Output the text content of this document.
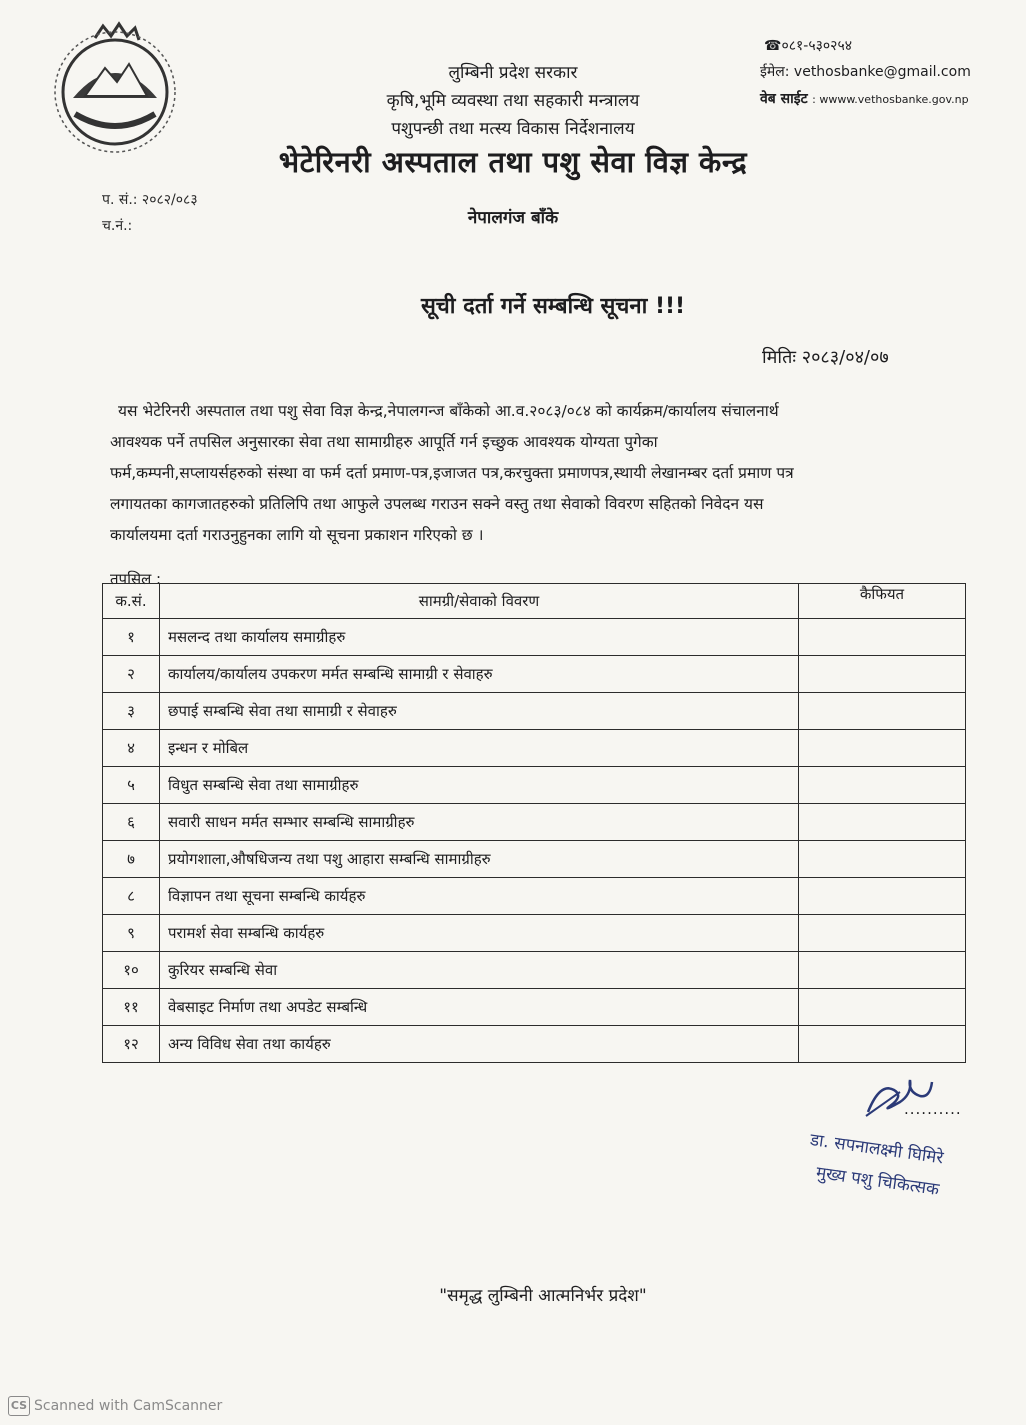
लुम्बिनी प्रदेश सरकार
कृषि,भूमि व्यवस्था तथा सहकारी मन्त्रालय
पशुपन्छी तथा मत्स्य विकास निर्देशनालय
भेटेरिनरी अस्पताल तथा पशु सेवा विज्ञ केन्द्र
नेपालगंज बाँके
☎०८१-५३०२५४
ईमेल: vethosbanke@gmail.com
वेब साईट : wwww.vethosbanke.gov.np
प. सं.: २०८२/०८३
च.नं.:
सूची दर्ता गर्ने सम्बन्धि सूचना !!!
मितिः २०८३/०४/०७
यस भेटेरिनरी अस्पताल तथा पशु सेवा विज्ञ केन्द्र,नेपालगन्ज बाँकेको आ.व.२०८३/०८४ को कार्यक्रम/कार्यालय संचालनार्थ
आवश्यक पर्ने तपसिल अनुसारका सेवा तथा सामाग्रीहरु आपूर्ति गर्न इच्छुक आवश्यक योग्यता पुगेका
फर्म,कम्पनी,सप्लायर्सहरुको संस्था वा फर्म दर्ता प्रमाण-पत्र,इजाजत पत्र,करचुक्ता प्रमाणपत्र,स्थायी लेखानम्बर दर्ता प्रमाण पत्र
लगायतका कागजातहरुको प्रतिलिपि तथा आफुले उपलब्ध गराउन सक्ने वस्तु तथा सेवाको विवरण सहितको निवेदन यस
कार्यालयमा दर्ता गराउनुहुनका लागि यो सूचना प्रकाशन गरिएको छ ।
तपसिल :
क.सं.	सामग्री/सेवाको विवरण	कैफियत
१	मसलन्द तथा कार्यालय समाग्रीहरु	
२	कार्यालय/कार्यालय उपकरण मर्मत सम्बन्धि सामाग्री र सेवाहरु	
३	छपाई सम्बन्धि सेवा तथा सामाग्री र सेवाहरु	
४	इन्धन र मोबिल	
५	विधुत सम्बन्धि सेवा तथा सामाग्रीहरु	
६	सवारी साधन मर्मत सम्भार सम्बन्धि सामाग्रीहरु	
७	प्रयोगशाला,औषधिजन्य तथा पशु आहारा सम्बन्धि सामाग्रीहरु	
८	विज्ञापन तथा सूचना सम्बन्धि कार्यहरु	
९	परामर्श सेवा सम्बन्धि कार्यहरु	
१०	कुरियर सम्बन्धि सेवा	
११	वेबसाइट निर्माण तथा अपडेट सम्बन्धि	
१२	अन्य विविध सेवा तथा कार्यहरु	
..........
डा. सपनालक्ष्मी घिमिरे
मुख्य पशु चिकित्सक
"समृद्ध लुम्बिनी आत्मनिर्भर प्रदेश"
CS Scanned with CamScanner
